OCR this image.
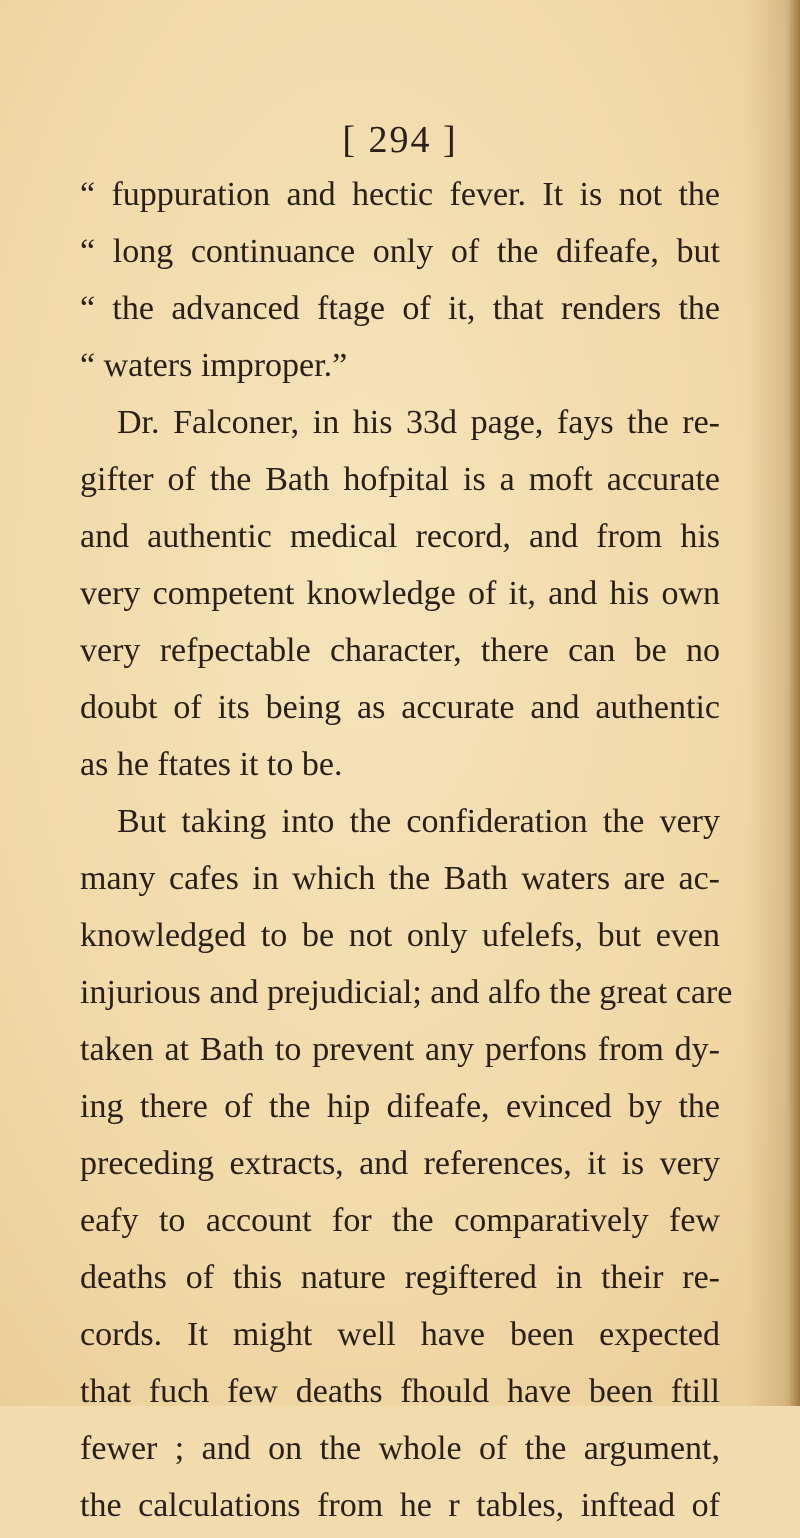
[ 294 ]
“ fuppuration and hectic fever. It is not the
“ long continuance only of the difeafe, but
“ the advanced ftage of it, that renders the
“ waters improper.”
Dr. Falconer, in his 33d page, fays the re-
gifter of the Bath hofpital is a moft accurate
and authentic medical record, and from his
very competent knowledge of it, and his own
very refpectable character, there can be no
doubt of its being as accurate and authentic
as he ftates it to be.
But taking into the confideration the very
many cafes in which the Bath waters are ac-
knowledged to be not only ufelefs, but even
injurious and prejudicial; and alfo the great care
taken at Bath to prevent any perfons from dy-
ing there of the hip difeafe, evinced by the
preceding extracts, and references, it is very
eafy to account for the comparatively few
deaths of this nature regiftered in their re-
cords. It might well have been expected
that fuch few deaths fhould have been ftill
fewer ; and on the whole of the argument,
the calculations from he r tables, inftead of
